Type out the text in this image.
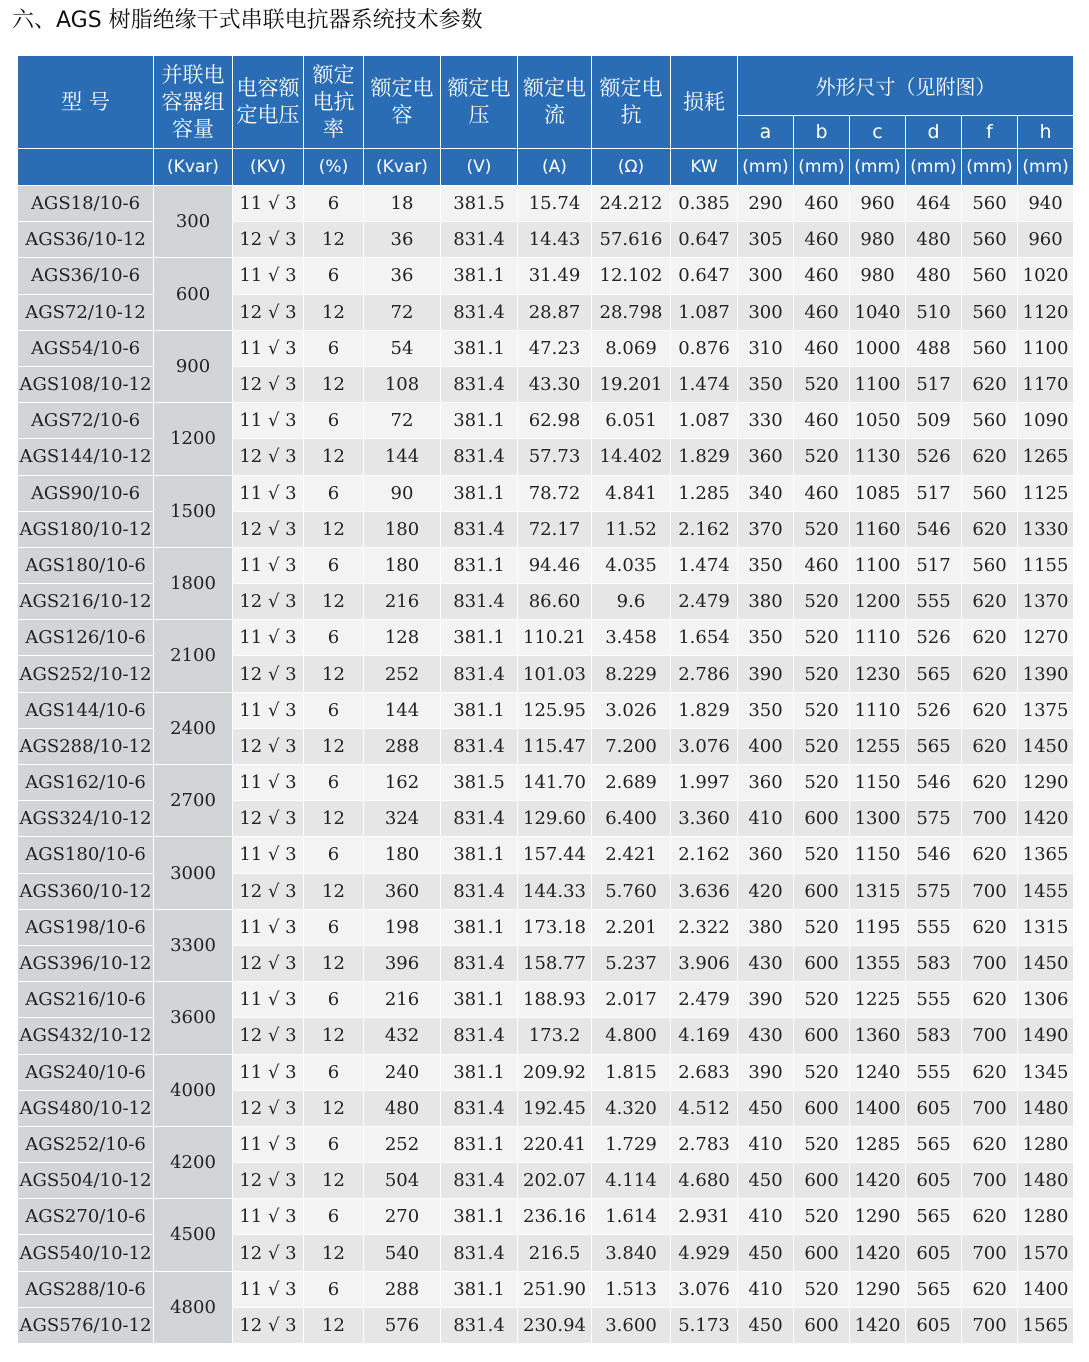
六、AGS 树脂绝缘干式串联电抗器系统技术参数
型 号	并联电容器组容量	电容额定电压	额定电抗率	额定电容	额定电压	额定电流	额定电抗	损耗	外形尺寸（见附图）					
									a	b	c	d	f	h
	(Kvar)	(KV)	(%)	(Kvar)	(V)	(A)	(Ω)	KW	(mm)	(mm)	(mm)	(mm)	(mm)	(mm)
AGS18/10-6	300	11 √ 3	6	18	381.5	15.74	24.212	0.385	290	460	960	464	560	940
AGS36/10-12		12 √ 3	12	36	831.4	14.43	57.616	0.647	305	460	980	480	560	960
AGS36/10-6	600	11 √ 3	6	36	381.1	31.49	12.102	0.647	300	460	980	480	560	1020
AGS72/10-12		12 √ 3	12	72	831.4	28.87	28.798	1.087	300	460	1040	510	560	1120
AGS54/10-6	900	11 √ 3	6	54	381.1	47.23	8.069	0.876	310	460	1000	488	560	1100
AGS108/10-12		12 √ 3	12	108	831.4	43.30	19.201	1.474	350	520	1100	517	620	1170
AGS72/10-6	1200	11 √ 3	6	72	381.1	62.98	6.051	1.087	330	460	1050	509	560	1090
AGS144/10-12		12 √ 3	12	144	831.4	57.73	14.402	1.829	360	520	1130	526	620	1265
AGS90/10-6	1500	11 √ 3	6	90	381.1	78.72	4.841	1.285	340	460	1085	517	560	1125
AGS180/10-12		12 √ 3	12	180	831.4	72.17	11.52	2.162	370	520	1160	546	620	1330
AGS180/10-6	1800	11 √ 3	6	180	831.1	94.46	4.035	1.474	350	460	1100	517	560	1155
AGS216/10-12		12 √ 3	12	216	831.4	86.60	9.6	2.479	380	520	1200	555	620	1370
AGS126/10-6	2100	11 √ 3	6	128	381.1	110.21	3.458	1.654	350	520	1110	526	620	1270
AGS252/10-12		12 √ 3	12	252	831.4	101.03	8.229	2.786	390	520	1230	565	620	1390
AGS144/10-6	2400	11 √ 3	6	144	381.1	125.95	3.026	1.829	350	520	1110	526	620	1375
AGS288/10-12		12 √ 3	12	288	831.4	115.47	7.200	3.076	400	520	1255	565	620	1450
AGS162/10-6	2700	11 √ 3	6	162	381.5	141.70	2.689	1.997	360	520	1150	546	620	1290
AGS324/10-12		12 √ 3	12	324	831.4	129.60	6.400	3.360	410	600	1300	575	700	1420
AGS180/10-6	3000	11 √ 3	6	180	381.1	157.44	2.421	2.162	360	520	1150	546	620	1365
AGS360/10-12		12 √ 3	12	360	831.4	144.33	5.760	3.636	420	600	1315	575	700	1455
AGS198/10-6	3300	11 √ 3	6	198	381.1	173.18	2.201	2.322	380	520	1195	555	620	1315
AGS396/10-12		12 √ 3	12	396	831.4	158.77	5.237	3.906	430	600	1355	583	700	1450
AGS216/10-6	3600	11 √ 3	6	216	381.1	188.93	2.017	2.479	390	520	1225	555	620	1306
AGS432/10-12		12 √ 3	12	432	831.4	173.2	4.800	4.169	430	600	1360	583	700	1490
AGS240/10-6	4000	11 √ 3	6	240	381.1	209.92	1.815	2.683	390	520	1240	555	620	1345
AGS480/10-12		12 √ 3	12	480	831.4	192.45	4.320	4.512	450	600	1400	605	700	1480
AGS252/10-6	4200	11 √ 3	6	252	831.1	220.41	1.729	2.783	410	520	1285	565	620	1280
AGS504/10-12		12 √ 3	12	504	831.4	202.07	4.114	4.680	450	600	1420	605	700	1480
AGS270/10-6	4500	11 √ 3	6	270	381.1	236.16	1.614	2.931	410	520	1290	565	620	1280
AGS540/10-12		12 √ 3	12	540	831.4	216.5	3.840	4.929	450	600	1420	605	700	1570
AGS288/10-6	4800	11 √ 3	6	288	381.1	251.90	1.513	3.076	410	520	1290	565	620	1400
AGS576/10-12		12 √ 3	12	576	831.4	230.94	3.600	5.173	450	600	1420	605	700	1565
